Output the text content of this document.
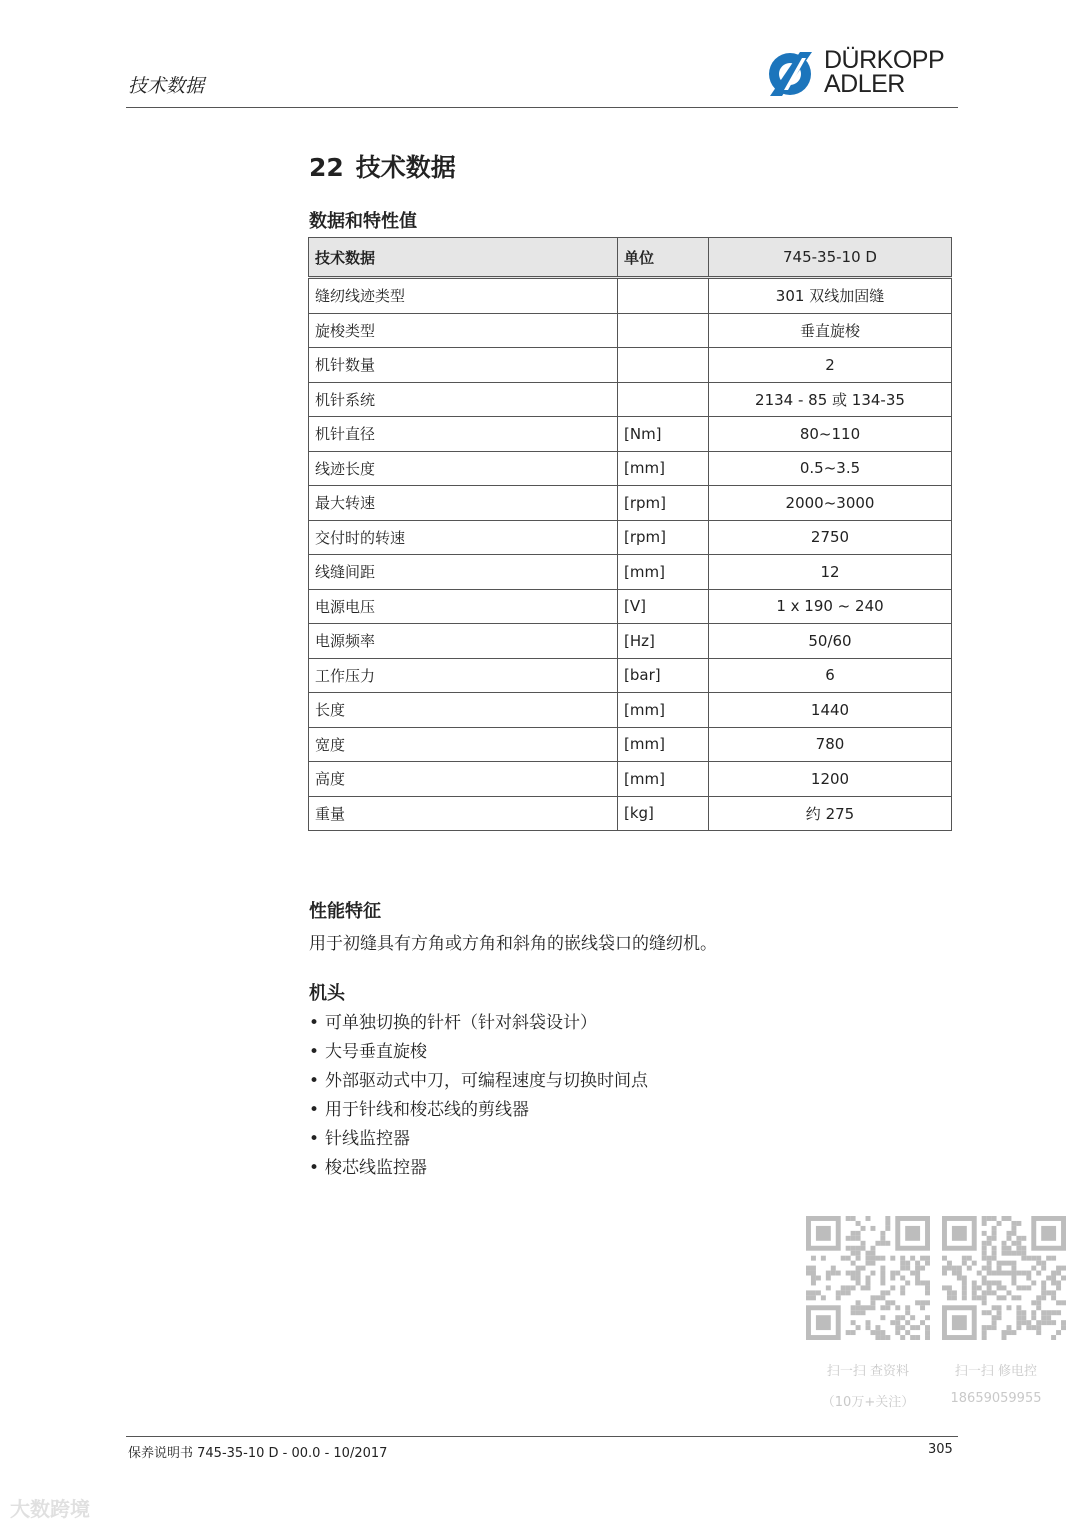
技术数据
DÜRKOPP
ADLER
22 技术数据
数据和特性值
技术数据	单位	745-35-10 D
缝纫线迹类型		301 双线加固缝
旋梭类型		垂直旋梭
机针数量		2
机针系统		2134 - 85 或 134-35
机针直径	[Nm]	80~110
线迹长度	[mm]	0.5~3.5
最大转速	[rpm]	2000~3000
交付时的转速	[rpm]	2750
线缝间距	[mm]	12
电源电压	[V]	1 x 190 ~ 240
电源频率	[Hz]	50/60
工作压力	[bar]	6
长度	[mm]	1440
宽度	[mm]	780
高度	[mm]	1200
重量	[kg]	约 275
性能特征
用于初缝具有方角或方角和斜角的嵌线袋口的缝纫机。
机头
• 可单独切换的针杆（针对斜袋设计）
• 大号垂直旋梭
• 外部驱动式中刀，可编程速度与切换时间点
• 用于针线和梭芯线的剪线器
• 针线监控器
• 梭芯线监控器
扫一扫 查资料
（10万+关注）
扫一扫 修电控
18659059955
保养说明书 745-35-10 D - 00.0 - 10/2017	305
大数跨境
